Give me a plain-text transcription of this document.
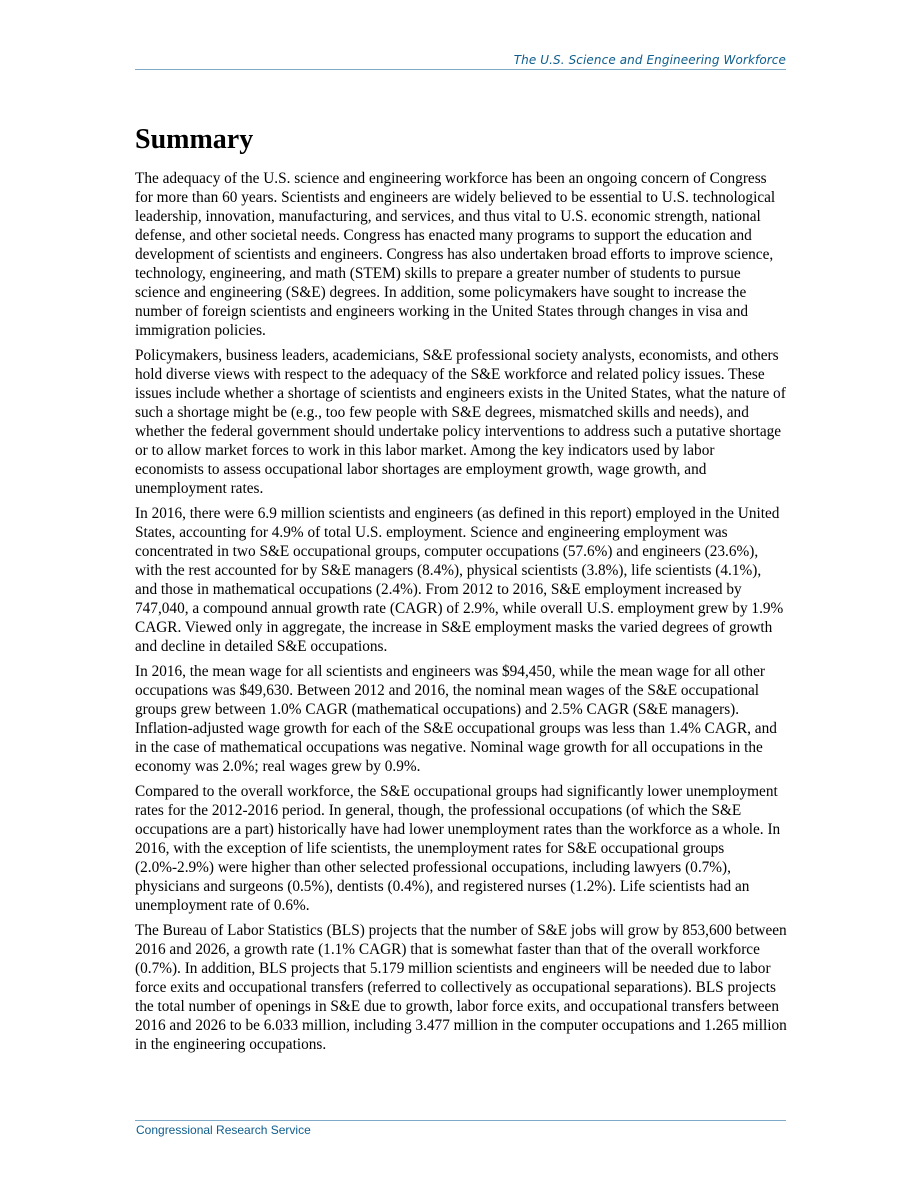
The U.S. Science and Engineering Workforce
Summary

The adequacy of the U.S. science and engineering workforce has been an ongoing concern of Congress for more than 60 years. Scientists and engineers are widely believed to be essential to U.S. technological leadership, innovation, manufacturing, and services, and thus vital to U.S. economic strength, national defense, and other societal needs. Congress has enacted many programs to support the education and development of scientists and engineers. Congress has also undertaken broad efforts to improve science, technology, engineering, and math (STEM) skills to prepare a greater number of students to pursue science and engineering (S&E) degrees. In addition, some policymakers have sought to increase the number of foreign scientists and engineers working in the United States through changes in visa and immigration policies.

Policymakers, business leaders, academicians, S&E professional society analysts, economists, and others hold diverse views with respect to the adequacy of the S&E workforce and related policy issues. These issues include whether a shortage of scientists and engineers exists in the United States, what the nature of such a shortage might be (e.g., too few people with S&E degrees, mismatched skills and needs), and whether the federal government should undertake policy interventions to address such a putative shortage or to allow market forces to work in this labor market. Among the key indicators used by labor economists to assess occupational labor shortages are employment growth, wage growth, and unemployment rates.

In 2016, there were 6.9 million scientists and engineers (as defined in this report) employed in the United States, accounting for 4.9% of total U.S. employment. Science and engineering employment was concentrated in two S&E occupational groups, computer occupations (57.6%) and engineers (23.6%), with the rest accounted for by S&E managers (8.4%), physical scientists (3.8%), life scientists (4.1%), and those in mathematical occupations (2.4%). From 2012 to 2016, S&E employment increased by 747,040, a compound annual growth rate (CAGR) of 2.9%, while overall U.S. employment grew by 1.9% CAGR. Viewed only in aggregate, the increase in S&E employment masks the varied degrees of growth and decline in detailed S&E occupations.

In 2016, the mean wage for all scientists and engineers was $94,450, while the mean wage for all other occupations was $49,630. Between 2012 and 2016, the nominal mean wages of the S&E occupational groups grew between 1.0% CAGR (mathematical occupations) and 2.5% CAGR (S&E managers). Inflation-adjusted wage growth for each of the S&E occupational groups was less than 1.4% CAGR, and in the case of mathematical occupations was negative. Nominal wage growth for all occupations in the economy was 2.0%; real wages grew by 0.9%.

Compared to the overall workforce, the S&E occupational groups had significantly lower unemployment rates for the 2012-2016 period. In general, though, the professional occupations (of which the S&E occupations are a part) historically have had lower unemployment rates than the workforce as a whole. In 2016, with the exception of life scientists, the unemployment rates for S&E occupational groups (2.0%-2.9%) were higher than other selected professional occupations, including lawyers (0.7%), physicians and surgeons (0.5%), dentists (0.4%), and registered nurses (1.2%). Life scientists had an unemployment rate of 0.6%.

The Bureau of Labor Statistics (BLS) projects that the number of S&E jobs will grow by 853,600 between 2016 and 2026, a growth rate (1.1% CAGR) that is somewhat faster than that of the overall workforce (0.7%). In addition, BLS projects that 5.179 million scientists and engineers will be needed due to labor force exits and occupational transfers (referred to collectively as occupational separations). BLS projects the total number of openings in S&E due to growth, labor force exits, and occupational transfers between 2016 and 2026 to be 6.033 million, including 3.477 million in the computer occupations and 1.265 million in the engineering occupations.

Congressional Research Service
